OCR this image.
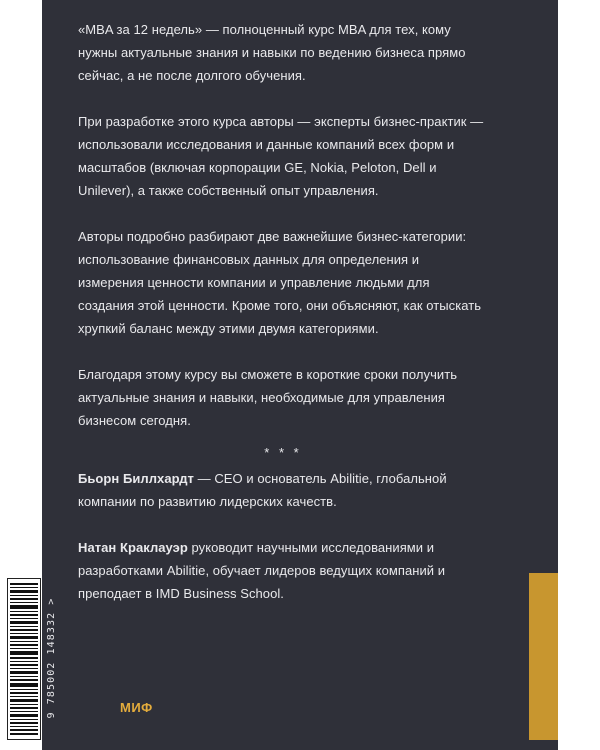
«MBA за 12 недель» — полноценный курс MBA для тех, кому нужны актуальные знания и навыки по ведению бизнеса прямо сейчас, а не после долгого обучения.

При разработке этого курса авторы — эксперты бизнес-практик — использовали исследования и данные компаний всех форм и масштабов (включая корпорации GE, Nokia, Peloton, Dell и Unilever), а также собственный опыт управления.

Авторы подробно разбирают две важнейшие бизнес-категории: использование финансовых данных для определения и измерения ценности компании и управление людьми для создания этой ценности. Кроме того, они объясняют, как отыскать хрупкий баланс между этими двумя категориями.

Благодаря этому курсу вы сможете в короткие сроки получить актуальные знания и навыки, необходимые для управления бизнесом сегодня.

* * *

Бьорн Биллхардт — CEO и основатель Abilitie, глобальной компании по развитию лидерских качеств.

Натан Краклауэр руководит научными исследованиями и разработками Abilitie, обучает лидеров ведущих компаний и преподает в IMD Business School.

9 785002 148332 >	МИФ
